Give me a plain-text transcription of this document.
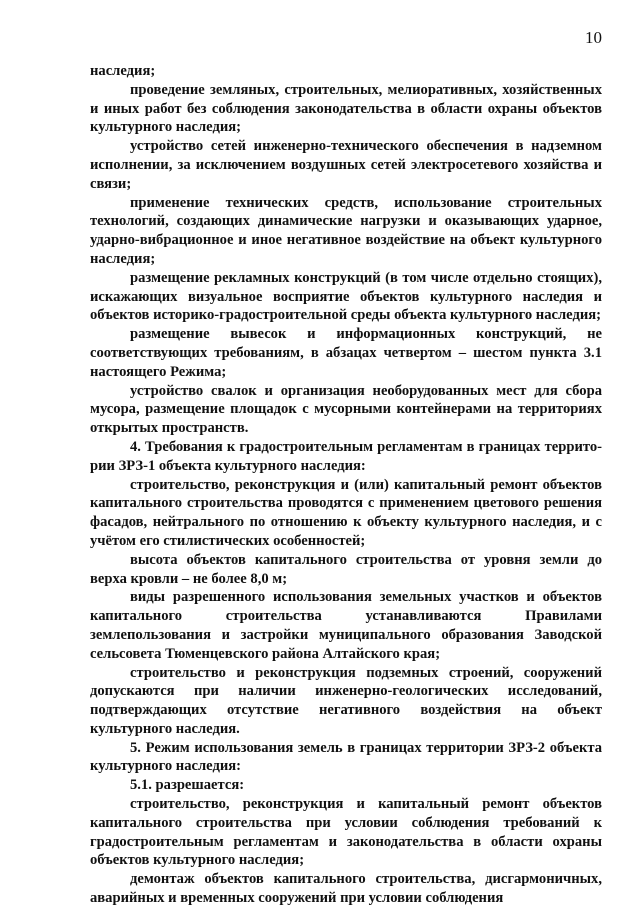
10

наследия;

проведение земляных, строительных, мелиоративных, хозяйственных и иных работ без соблюдения законодательства в области охраны объектов культурного наследия;

устройство сетей инженерно-технического обеспечения в надземном исполнении, за исключением воздушных сетей электросетевого хозяйства и связи;

применение технических средств, использование строительных технологий, создающих динамические нагрузки и оказывающих ударное, ударно-вибрационное и иное негативное воздействие на объект культурного наследия;

размещение рекламных конструкций (в том числе отдельно стоящих), искажающих визуальное восприятие объектов культурного наследия и объектов историко-градостроительной среды объекта культурного наследия;

размещение вывесок и информационных конструкций, не соответствующих требованиям, в абзацах четвертом – шестом пункта 3.1 настоящего Режима;

устройство свалок и организация необорудованных мест для сбора мусора, размещение площадок с мусорными контейнерами на территориях открытых пространств.

4. Требования к градостроительным регламентам в границах террито-рии ЗРЗ-1 объекта культурного наследия:

строительство, реконструкция и (или) капитальный ремонт объектов капитального строительства проводятся с применением цветового решения фасадов, нейтрального по отношению к объекту культурного наследия, и с учётом его стилистических особенностей;

высота объектов капитального строительства от уровня земли до верха кровли – не более 8,0 м;

виды разрешенного использования земельных участков и объектов капитального строительства устанавливаются Правилами землепользования и застройки муниципального образования Заводской сельсовета Тюменцевского района Алтайского края;

строительство и реконструкция подземных строений, сооружений допускаются при наличии инженерно-геологических исследований, подтверждающих отсутствие негативного воздействия на объект культурного наследия.

5. Режим использования земель в границах территории ЗРЗ-2 объекта культурного наследия:

5.1. разрешается:

строительство, реконструкция и капитальный ремонт объектов капитального строительства при условии соблюдения требований к градостроительным регламентам и законодательства в области охраны объектов культурного наследия;

демонтаж объектов капитального строительства, дисгармоничных, аварийных и временных сооружений при условии соблюдения
